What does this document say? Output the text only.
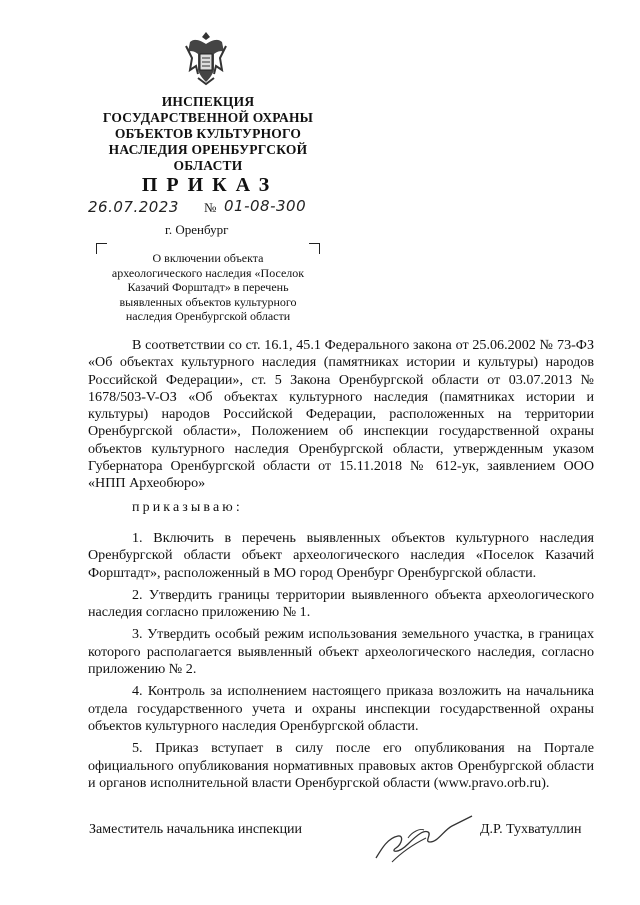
ИНСПЕКЦИЯ
ГОСУДАРСТВЕННОЙ ОХРАНЫ
ОБЪЕКТОВ КУЛЬТУРНОГО
НАСЛЕДИЯ ОРЕНБУРГСКОЙ
ОБЛАСТИ
ПРИКАЗ
26.07.2023 № 01-08-300
г. Оренбург
О включении объекта
археологического наследия «Поселок
Казачий Форштадт» в перечень
выявленных объектов культурного
наследия Оренбургской области
В соответствии со ст. 16.1, 45.1 Федерального закона от 25.06.2002 № 73-ФЗ «Об объектах культурного наследия (памятниках истории и культуры) народов Российской Федерации», ст. 5 Закона Оренбургской области от 03.07.2013 № 1678/503-V-ОЗ «Об объектах культурного наследия (памятниках истории и культуры) народов Российской Федерации, расположенных на территории Оренбургской области», Положением об инспекции государственной охраны объектов культурного наследия Оренбургской области, утвержденным указом Губернатора Оренбургской области от 15.11.2018 № 612-ук, заявлением ООО «НПП Археобюро»
приказываю:

1. Включить в перечень выявленных объектов культурного наследия Оренбургской области объект археологического наследия «Поселок Казачий Форштадт», расположенный в МО город Оренбург Оренбургской области.

2. Утвердить границы территории выявленного объекта археологического наследия согласно приложению № 1.

3. Утвердить особый режим использования земельного участка, в границах которого располагается выявленный объект археологического наследия, согласно приложению № 2.

4. Контроль за исполнением настоящего приказа возложить на начальника отдела государственного учета и охраны инспекции государственной охраны объектов культурного наследия Оренбургской области.

5. Приказ вступает в силу после его опубликования на Портале официального опубликования нормативных правовых актов Оренбургской области и органов исполнительной власти Оренбургской области (www.pravo.orb.ru).

Заместитель начальника инспекции	Д.Р. Тухватуллин
